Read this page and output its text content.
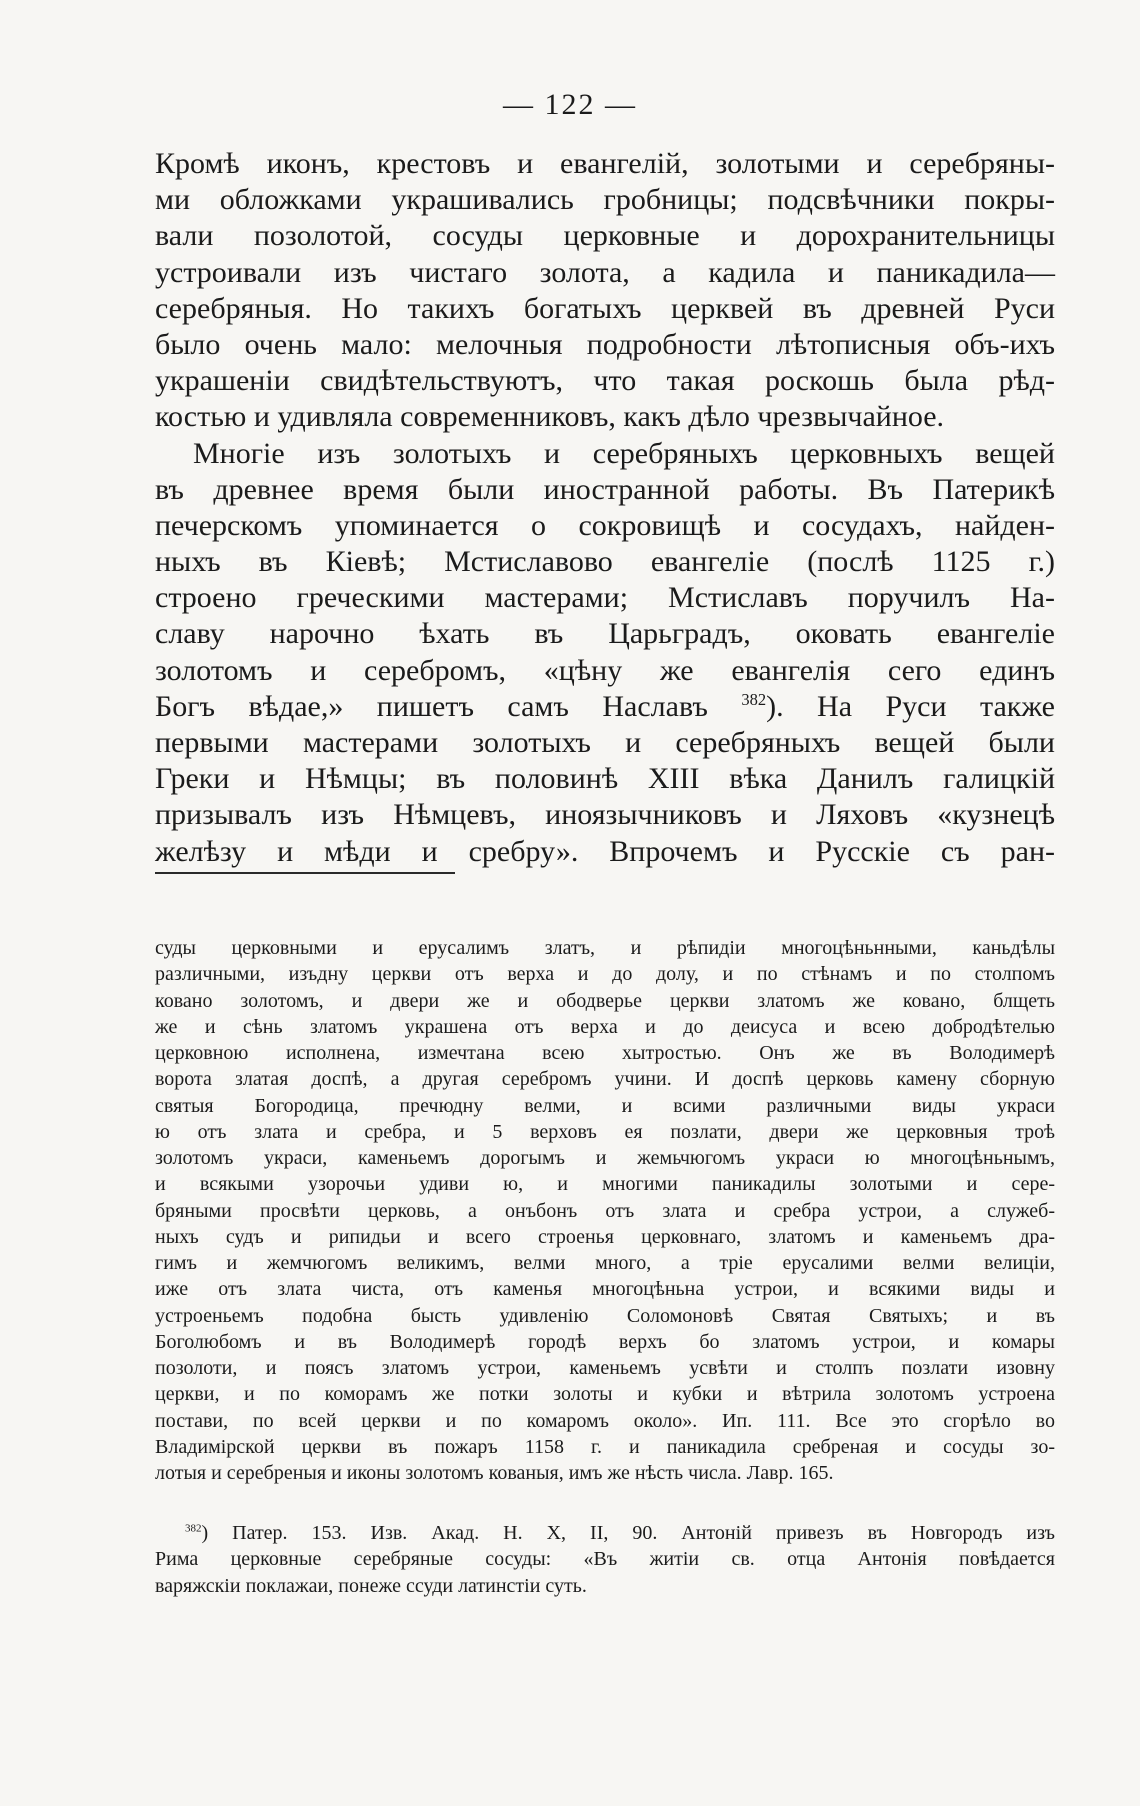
— 122 —
Кромѣ иконъ, крестовъ и евангелій, золотыми и серебряны-
ми обложками украшивались гробницы; подсвѣчники покры-
вали позолотой, сосуды церковные и дорохранительницы
устроивали изъ чистаго золота, а кадила и паникадила—
серебряныя. Но такихъ богатыхъ церквей въ древней Руси
было очень мало: мелочныя подробности лѣтописныя объ-ихъ
украшеніи свидѣтельствуютъ, что такая роскошь была рѣд-
костью и удивляла современниковъ, какъ дѣло чрезвычайное.
Многіе изъ золотыхъ и серебряныхъ церковныхъ вещей
въ древнее время были иностранной работы. Въ Патерикѣ
печерскомъ упоминается о сокровищѣ и сосудахъ, найден-
ныхъ въ Кіевѣ; Мстиславово евангеліе (послѣ 1125 г.)
строено греческими мастерами; Мстиславъ поручилъ На-
славу нарочно ѣхать въ Царьградъ, оковать евангеліе
золотомъ и серебромъ, «цѣну же евангелія сего единъ
Богъ вѣдае,» пишетъ самъ Наславъ $^{382}$). На Руси также
первыми мастерами золотыхъ и серебряныхъ вещей были
Греки и Нѣмцы; въ половинѣ XIII вѣка Данилъ галицкій
призывалъ изъ Нѣмцевъ, иноязычниковъ и Ляховъ «кузнецѣ
желѣзу и мѣди и сребру». Впрочемъ и Русскіе съ ран-
суды церковными и ерусалимъ златъ, и рѣпидіи многоцѣньнными, каньдѣлы
различными, изъдну церкви отъ верха и до долу, и по стѣнамъ и по столпомъ
ковано золотомъ, и двери же и ободверье церкви златомъ же ковано, блщеть
же и сѣнь златомъ украшена отъ верха и до деисуса и всею добродѣтелью
церковною исполнена, измечтана всею хытростью. Онъ же въ Володимерѣ
ворота златая доспѣ, а другая серебромъ учини. И доспѣ церковь камену сборную
святыя Богородица, пречюдну велми, и всими различными виды украси
ю отъ злата и сребра, и 5 верховъ ея позлати, двери же церковныя троѣ
золотомъ украси, каменьемъ дорогымъ и жемьчюгомъ украси ю многоцѣньнымъ,
и всякыми узорочьи удиви ю, и многими паникадилы золотыми и сере-
бряными просвѣти церковь, а онъбонъ отъ злата и сребра устрои, а служеб-
ныхъ судъ и рипидьи и всего строенья церковнаго, златомъ и каменьемъ дра-
гимъ и жемчюгомъ великимъ, велми много, а тріе ерусалими велми велиціи,
иже отъ злата чиста, отъ каменья многоцѣньна устрои, и всякими виды и
устроеньемъ подобна бысть удивленію Соломоновѣ Святая Святыхъ; и въ
Боголюбомъ и въ Володимерѣ городѣ верхъ бо златомъ устрои, и комары
позолоти, и поясъ златомъ устрои, каменьемъ усвѣти и столпъ позлати изовну
церкви, и по коморамъ же потки золоты и кубки и вѣтрила золотомъ устроена
постави, по всей церкви и по комаромъ около». Ип. 111. Все это сгорѣло во
Владимірской церкви въ пожаръ 1158 г. и паникадила сребреная и сосуды зо-
лотыя и серебреныя и иконы золотомъ кованыя, имъ же нѣсть числа. Лавр. 165.
$^{382}$) Патер. 153. Изв. Акад. Н. X, II, 90. Антоній привезъ въ Новгородъ изъ
Рима церковные серебряные сосуды: «Въ житіи св. отца Антонія повѣдается
варяжскіи поклажаи, понеже ссуди латинстіи суть.
